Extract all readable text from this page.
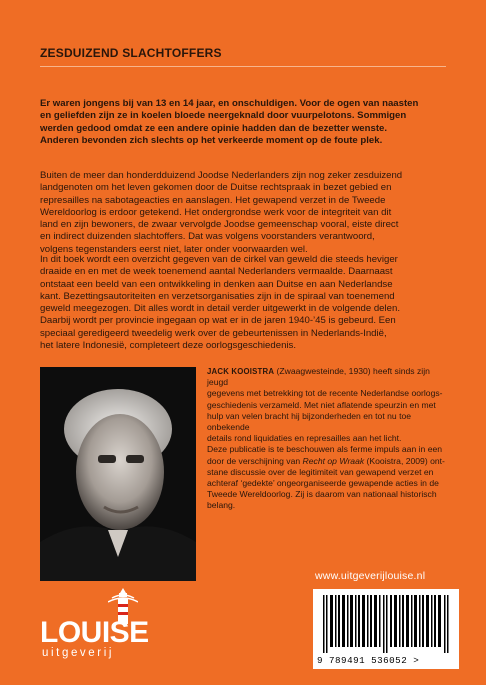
ZESDUIZEND SLACHTOFFERS

Er waren jongens bij van 13 en 14 jaar, en onschuldigen. Voor de ogen van naasten
en geliefden zijn ze in koelen bloede neergeknald door vuurpelotons. Sommigen
werden gedood omdat ze een andere opinie hadden dan de bezetter wenste.
Anderen bevonden zich slechts op het verkeerde moment op de foute plek.

Buiten de meer dan honderdduizend Joodse Nederlanders zijn nog zeker zesduizend
landgenoten om het leven gekomen door de Duitse rechtspraak in bezet gebied en
represailles na sabotageacties en aanslagen. Het gewapend verzet in de Tweede
Wereldoorlog is erdoor getekend. Het ondergrondse werk voor de integriteit van dit
land en zijn bewoners, de zwaar vervolgde Joodse gemeenschap vooral, eiste direct
en indirect duizenden slachtoffers. Dat was volgens voorstanders verantwoord,
volgens tegenstanders eerst niet, later onder voorwaarden wel.

In dit boek wordt een overzicht gegeven van de cirkel van geweld die steeds heviger
draaide en en met de week toenemend aantal Nederlanders vermaalde. Daarnaast
ontstaat een beeld van een ontwikkeling in denken aan Duitse en aan Nederlandse
kant. Bezettingsautoriteiten en verzetsorganisaties zijn in de spiraal van toenemend
geweld meegezogen. Dit alles wordt in detail verder uitgewerkt in de volgende delen.
Daarbij wordt per provincie ingegaan op wat er in de jaren 1940-’45 is gebeurd. Een
speciaal geredigeerd tweedelig werk over de gebeurtenissen in Nederlands-Indië,
het latere Indonesië, completeert deze oorlogsgeschiedenis.

JACK KOOISTRA (Zwaagwesteinde, 1930) heeft sinds zijn jeugd
gegevens met betrekking tot de recente Nederlandse oorlogs-
geschiedenis verzameld. Met niet aflatende speurzin en met
hulp van velen bracht hij bijzonderheden en tot nu toe onbekende
details rond liquidaties en represailles aan het licht.
Deze publicatie is te beschouwen als ferme impuls aan in een
door de verschijning van Recht op Wraak (Kooistra, 2009) ont-
stane discussie over de legitimiteit van gewapend verzet en
achteraf ‘gedekte’ ongeorganiseerde gewapende acties in de
Tweede Wereldoorlog. Zij is daarom van nationaal historisch
belang.

www.uitgeverijlouise.nl
LOUISE
uitgeverij
9 789491 536052 >
